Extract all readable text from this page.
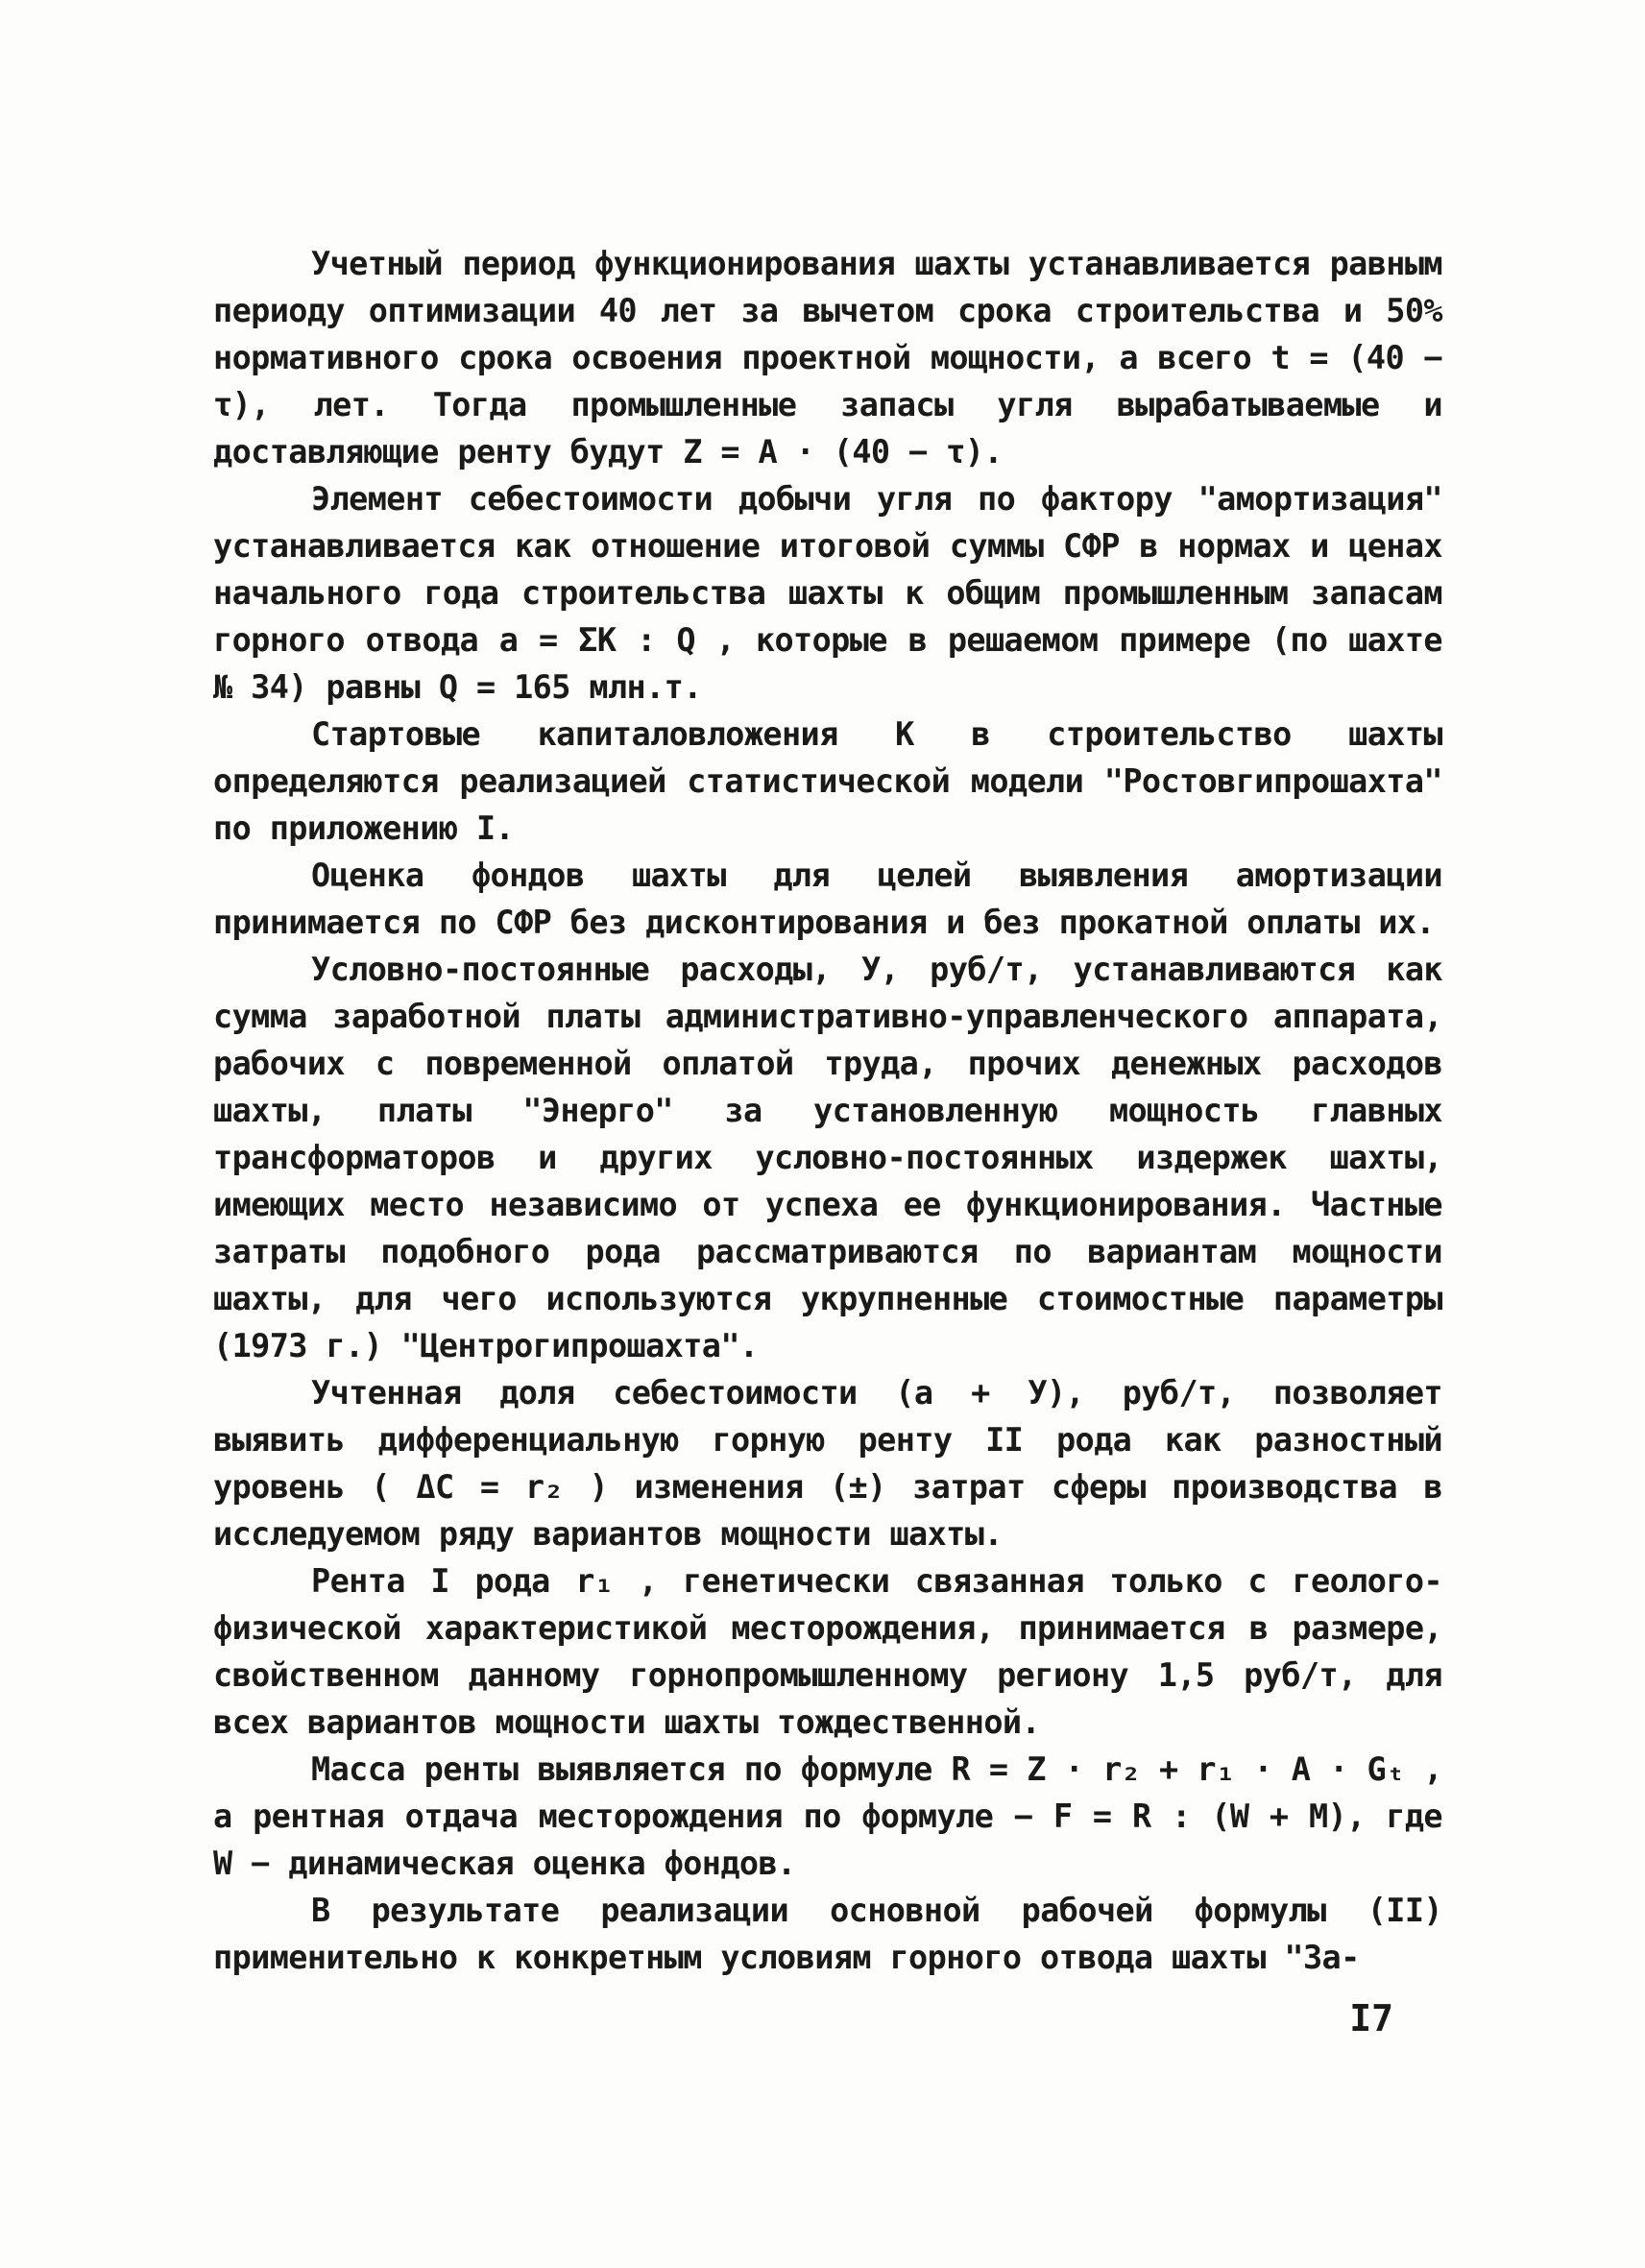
Учетный период функционирования шахты устанавливается равным периоду оптимизации 40 лет за вычетом срока строительства и 50% нормативного срока освоения проектной мощности, а всего t = (40 − τ), лет. Тогда промышленные запасы угля вырабатываемые и доставляющие ренту будут Z = A · (40 − τ).

Элемент себестоимости добычи угля по фактору "амортизация" устанавливается как отношение итоговой суммы СФР в нормах и ценах начального года строительства шахты к общим промышленным запасам горного отвода a = ΣK : Q , которые в решаемом примере (по шахте № 34) равны Q = 165 млн.т.

Стартовые капиталовложения K в строительство шахты определяются реализацией статистической модели "Ростовгипрошахта" по приложению I.

Оценка фондов шахты для целей выявления амортизации принимается по СФР без дисконтирования и без прокатной оплаты их.

Условно-постоянные расходы, У, руб/т, устанавливаются как сумма заработной платы административно-управленческого аппарата, рабочих с повременной оплатой труда, прочих денежных расходов шахты, платы "Энерго" за установленную мощность главных трансформаторов и других условно-постоянных издержек шахты, имеющих место независимо от успеха ее функционирования. Частные затраты подобного рода рассматриваются по вариантам мощности шахты, для чего используются укрупненные стоимостные параметры (1973 г.) "Центрогипрошахта".

Учтенная доля себестоимости (a + У), руб/т, позволяет выявить дифференциальную горную ренту II рода как разностный уровень ( ΔC = r₂ ) изменения (±) затрат сферы производства в исследуемом ряду вариантов мощности шахты.

Рента I рода r₁ , генетически связанная только с геолого-физической характеристикой месторождения, принимается в размере, свойственном данному горнопромышленному региону 1,5 руб/т, для всех вариантов мощности шахты тождественной.

Масса ренты выявляется по формуле R = Z · r₂ + r₁ · A · Gₜ , а рентная отдача месторождения по формуле − F = R : (W + M), где W − динамическая оценка фондов.

В результате реализации основной рабочей формулы (II) применительно к конкретным условиям горного отвода шахты "За-

I7
